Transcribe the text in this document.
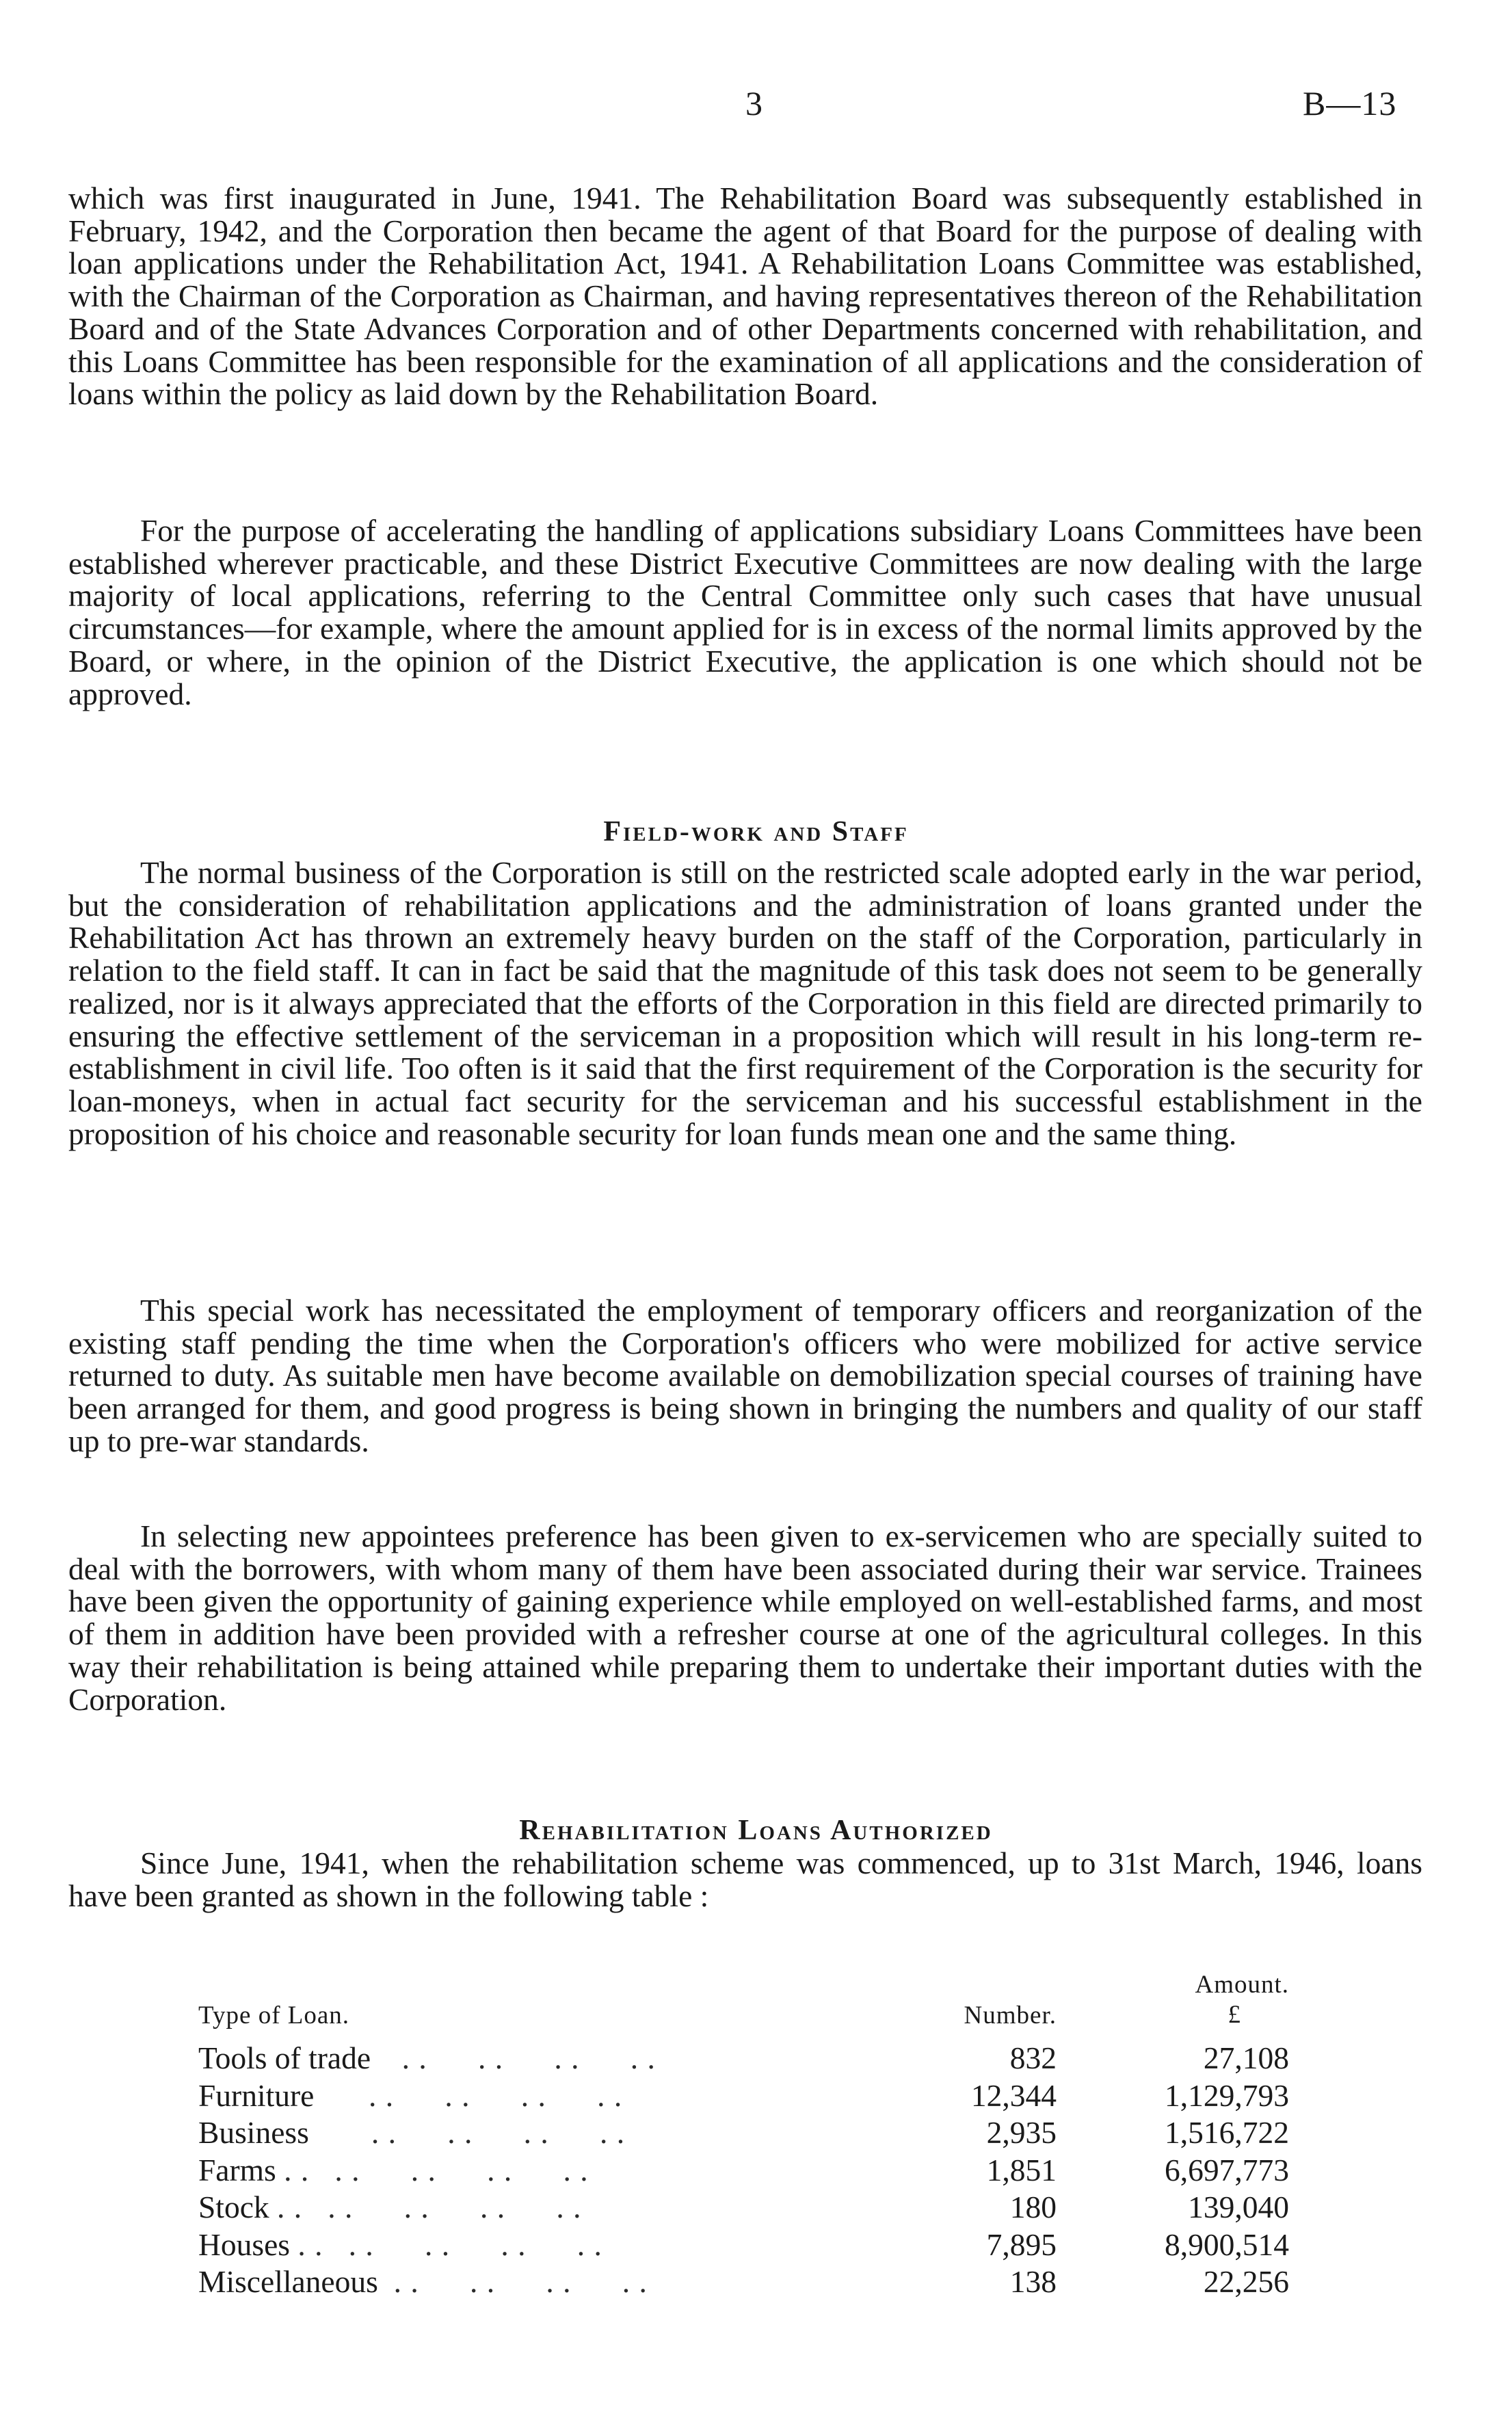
3	B—13

which was first inaugurated in June, 1941. The Rehabilitation Board was subsequently established in February, 1942, and the Corporation then became the agent of that Board for the purpose of dealing with loan applications under the Rehabilitation Act, 1941. A Rehabilitation Loans Committee was established, with the Chairman of the Corporation as Chairman, and having representatives thereon of the Rehabilitation Board and of the State Advances Corporation and of other Departments concerned with rehabilitation, and this Loans Committee has been responsible for the examination of all applications and the consideration of loans within the policy as laid down by the Rehabilitation Board.

For the purpose of accelerating the handling of applications subsidiary Loans Committees have been established wherever practicable, and these District Executive Committees are now dealing with the large majority of local applications, referring to the Central Committee only such cases that have unusual circumstances—for example, where the amount applied for is in excess of the normal limits approved by the Board, or where, in the opinion of the District Executive, the application is one which should not be approved.

Field-work and Staff

The normal business of the Corporation is still on the restricted scale adopted early in the war period, but the consideration of rehabilitation applications and the administration of loans granted under the Rehabilitation Act has thrown an extremely heavy burden on the staff of the Corporation, particularly in relation to the field staff. It can in fact be said that the magnitude of this task does not seem to be generally realized, nor is it always appreciated that the efforts of the Corporation in this field are directed primarily to ensuring the effective settlement of the serviceman in a proposition which will result in his long-term re-establishment in civil life. Too often is it said that the first requirement of the Corporation is the security for loan-moneys, when in actual fact security for the serviceman and his successful establishment in the proposition of his choice and reasonable security for loan funds mean one and the same thing.

This special work has necessitated the employment of temporary officers and reorganization of the existing staff pending the time when the Corporation's officers who were mobilized for active service returned to duty. As suitable men have become available on demobilization special courses of training have been arranged for them, and good progress is being shown in bringing the numbers and quality of our staff up to pre-war standards.

In selecting new appointees preference has been given to ex-servicemen who are specially suited to deal with the borrowers, with whom many of them have been associated during their war service. Trainees have been given the opportunity of gaining experience while employed on well-established farms, and most of them in addition have been provided with a refresher course at one of the agricultural colleges. In this way their rehabilitation is being attained while preparing them to undertake their important duties with the Corporation.

Rehabilitation Loans Authorized

Since June, 1941, when the rehabilitation scheme was commenced, up to 31st March, 1946, loans have been granted as shown in the following table :

Type of Loan.	Number.	Amount.
£
Tools of trade . .      . .      . .      . .	832	27,108
Furniture . .      . .      . .      . .	12,344	1,129,793
Business . .      . .      . .      . .	2,935	1,516,722
Farms . .   . .      . .      . .      . .	1,851	6,697,773
Stock . .   . .      . .      . .      . .	180	139,040
Houses . .   . .      . .      . .      . .	7,895	8,900,514
Miscellaneous . .      . .      . .      . .	138	22,256
